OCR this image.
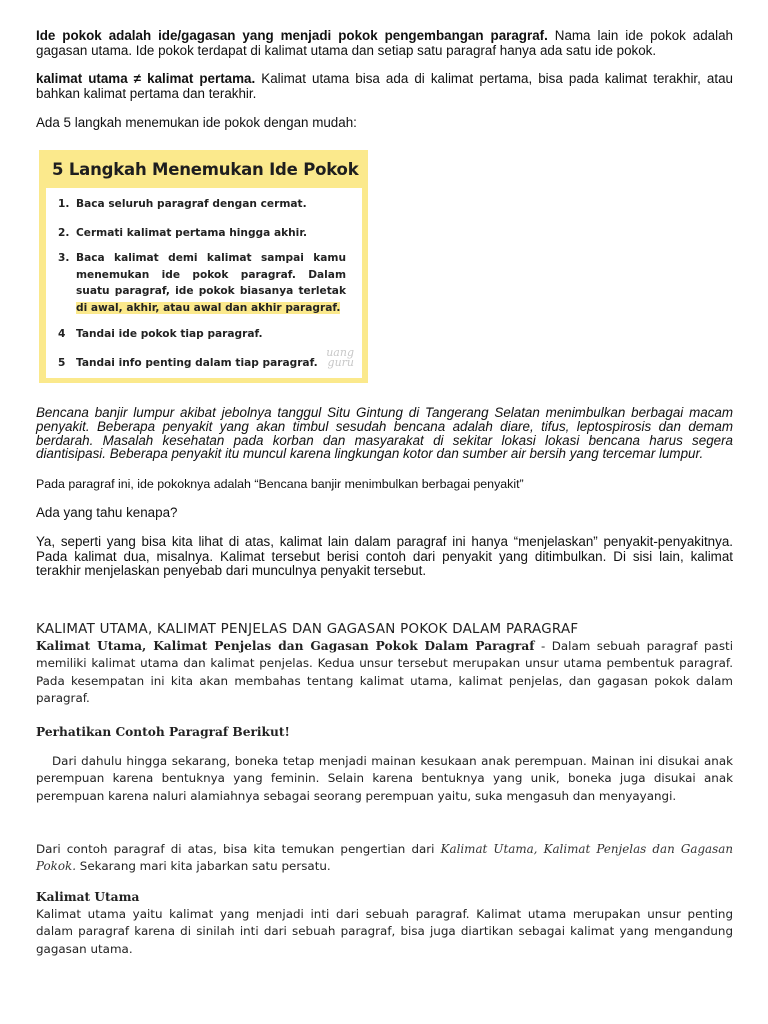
Ide pokok adalah ide/gagasan yang menjadi pokok pengembangan paragraf. Nama lain ide pokok adalah gagasan utama. Ide pokok terdapat di kalimat utama dan setiap satu paragraf hanya ada satu ide pokok.
kalimat utama ≠ kalimat pertama. Kalimat utama bisa ada di kalimat pertama, bisa pada kalimat terakhir, atau bahkan kalimat pertama dan terakhir.
Ada 5 langkah menemukan ide pokok dengan mudah:
5 Langkah Menemukan Ide Pokok
1. Baca seluruh paragraf dengan cermat.
2. Cermati kalimat pertama hingga akhir.
3. Baca kalimat demi kalimat sampai kamu menemukan ide pokok paragraf. Dalam suatu paragraf, ide pokok biasanya terletak di awal, akhir, atau awal dan akhir paragraf.
4	Tandai ide pokok tiap paragraf.
5	Tandai info penting dalam tiap paragraf.
uang
guru
Bencana banjir lumpur akibat jebolnya tanggul Situ Gintung di Tangerang Selatan menimbulkan berbagai macam penyakit. Beberapa penyakit yang akan timbul sesudah bencana adalah diare, tifus, leptospirosis dan demam berdarah. Masalah kesehatan pada korban dan masyarakat di sekitar lokasi lokasi bencana harus segera diantisipasi. Beberapa penyakit itu muncul karena lingkungan kotor dan sumber air bersih yang tercemar lumpur.
Pada paragraf ini, ide pokoknya adalah “Bencana banjir menimbulkan berbagai penyakit”
Ada yang tahu kenapa?
Ya, seperti yang bisa kita lihat di atas, kalimat lain dalam paragraf ini hanya “menjelaskan” penyakit-penyakitnya. Pada kalimat dua, misalnya. Kalimat tersebut berisi contoh dari penyakit yang ditimbulkan. Di sisi lain, kalimat terakhir menjelaskan penyebab dari munculnya penyakit tersebut.
KALIMAT UTAMA, KALIMAT PENJELAS DAN GAGASAN POKOK DALAM PARAGRAF
Kalimat Utama, Kalimat Penjelas dan Gagasan Pokok Dalam Paragraf - Dalam sebuah paragraf pasti memiliki kalimat utama dan kalimat penjelas. Kedua unsur tersebut merupakan unsur utama pembentuk paragraf. Pada kesempatan ini kita akan membahas tentang kalimat utama, kalimat penjelas, dan gagasan pokok dalam paragraf.
Perhatikan Contoh Paragraf Berikut!
Dari dahulu hingga sekarang, boneka tetap menjadi mainan kesukaan anak perempuan. Mainan ini disukai anak perempuan karena bentuknya yang feminin. Selain karena bentuknya yang unik, boneka juga disukai anak perempuan karena naluri alamiahnya sebagai seorang perempuan yaitu, suka mengasuh dan menyayangi.
Dari contoh paragraf di atas, bisa kita temukan pengertian dari Kalimat Utama, Kalimat Penjelas dan Gagasan Pokok. Sekarang mari kita jabarkan satu persatu.
Kalimat Utama
Kalimat utama yaitu kalimat yang menjadi inti dari sebuah paragraf. Kalimat utama merupakan unsur penting dalam paragraf karena di sinilah inti dari sebuah paragraf, bisa juga diartikan sebagai kalimat yang mengandung gagasan utama.
